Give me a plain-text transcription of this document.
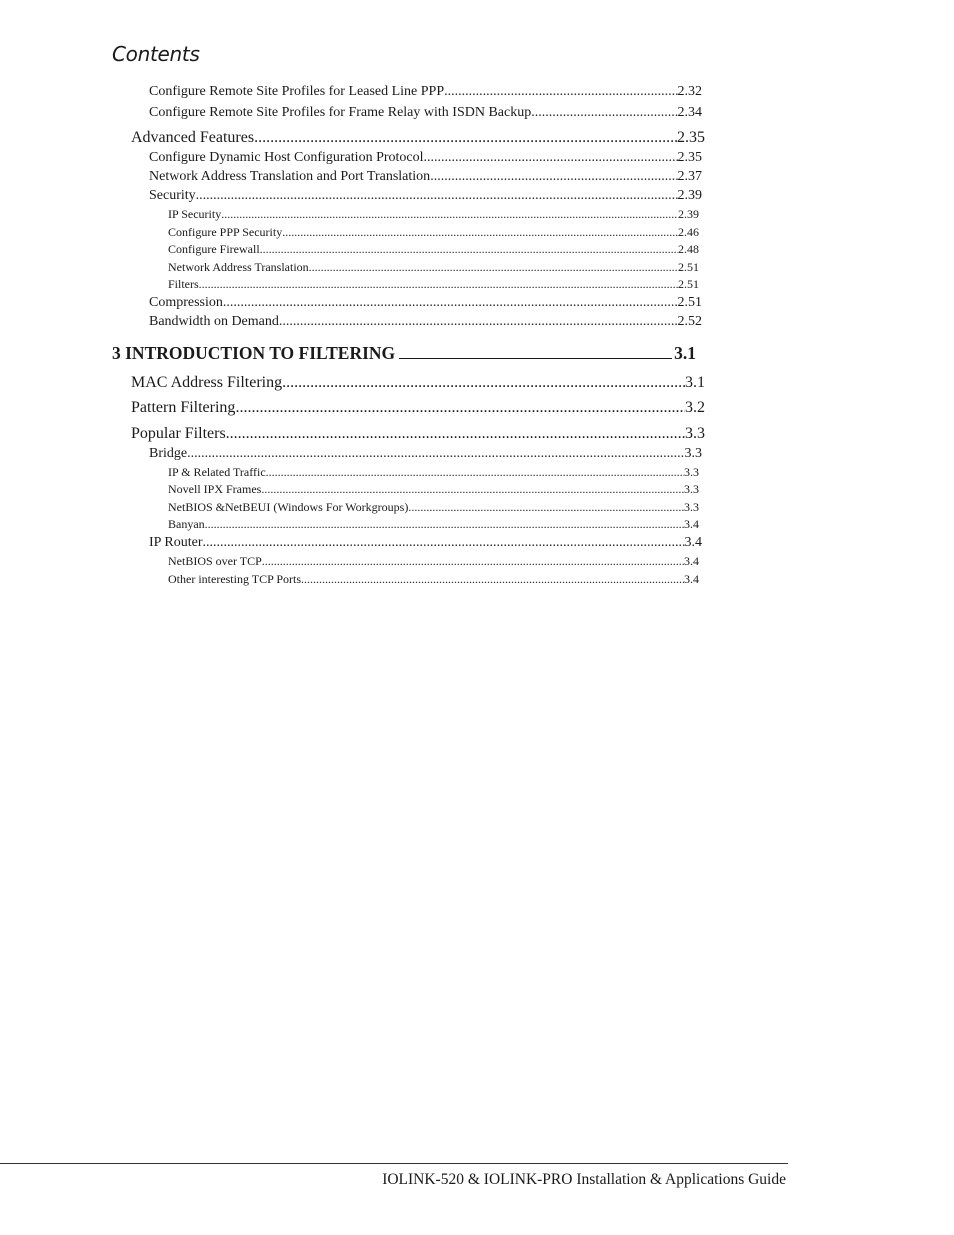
Contents
Configure Remote Site Profiles for Leased Line PPP .....	2.32
Configure Remote Site Profiles for Frame Relay with ISDN Backup .....	2.34
Advanced Features .....	2.35
Configure Dynamic Host Configuration Protocol .....	2.35
Network Address Translation and Port Translation .....	2.37
Security .....	2.39
IP Security .....	2.39
Configure PPP Security .....	2.46
Configure Firewall .....	2.48
Network Address Translation .....	2.51
Filters .....	2.51
Compression .....	2.51
Bandwidth on Demand .....	2.52
3 INTRODUCTION TO FILTERING	3.1
MAC Address Filtering .....	3.1
Pattern Filtering .....	3.2
Popular Filters .....	3.3
Bridge .....	3.3
IP & Related Traffic .....	3.3
Novell IPX Frames .....	3.3
NetBIOS &NetBEUI (Windows For Workgroups) .....	3.3
Banyan .....	3.4
IP Router .....	3.4
NetBIOS over TCP .....	3.4
Other interesting TCP Ports .....	3.4
IOLINK-520 & IOLINK-PRO Installation & Applications Guide
